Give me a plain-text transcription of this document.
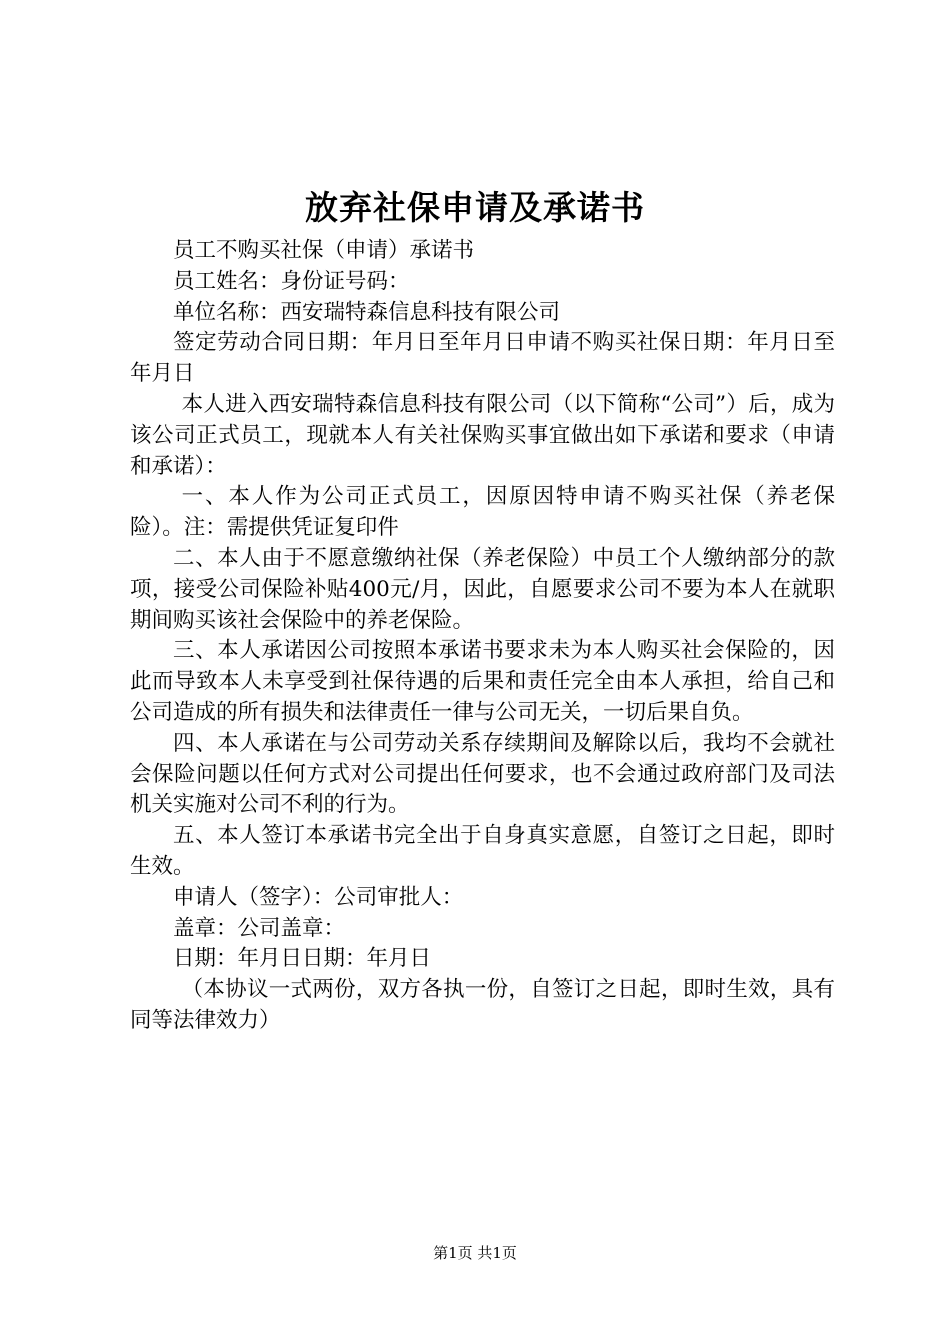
放弃社保申请及承诺书

员工不购买社保（申请）承诺书

员工姓名：身份证号码：

单位名称：西安瑞特森信息科技有限公司

签定劳动合同日期：年月日至年月日申请不购买社保日期：年月日至年月日

本人进入西安瑞特森信息科技有限公司（以下简称“公司”）后，成为该公司正式员工，现就本人有关社保购买事宜做出如下承诺和要求（申请和承诺）：

一、本人作为公司正式员工，因原因特申请不购买社保（养老保险）。注：需提供凭证复印件

二、本人由于不愿意缴纳社保（养老保险）中员工个人缴纳部分的款项，接受公司保险补贴400元/月，因此，自愿要求公司不要为本人在就职期间购买该社会保险中的养老保险。

三、本人承诺因公司按照本承诺书要求未为本人购买社会保险的，因此而导致本人未享受到社保待遇的后果和责任完全由本人承担，给自己和公司造成的所有损失和法律责任一律与公司无关，一切后果自负。

四、本人承诺在与公司劳动关系存续期间及解除以后，我均不会就社会保险问题以任何方式对公司提出任何要求，也不会通过政府部门及司法机关实施对公司不利的行为。

五、本人签订本承诺书完全出于自身真实意愿，自签订之日起，即时生效。

申请人（签字）：公司审批人：

盖章：公司盖章：

日期：年月日日期：年月日

（本协议一式两份，双方各执一份，自签订之日起，即时生效，具有同等法律效力）

第1页 共1页
